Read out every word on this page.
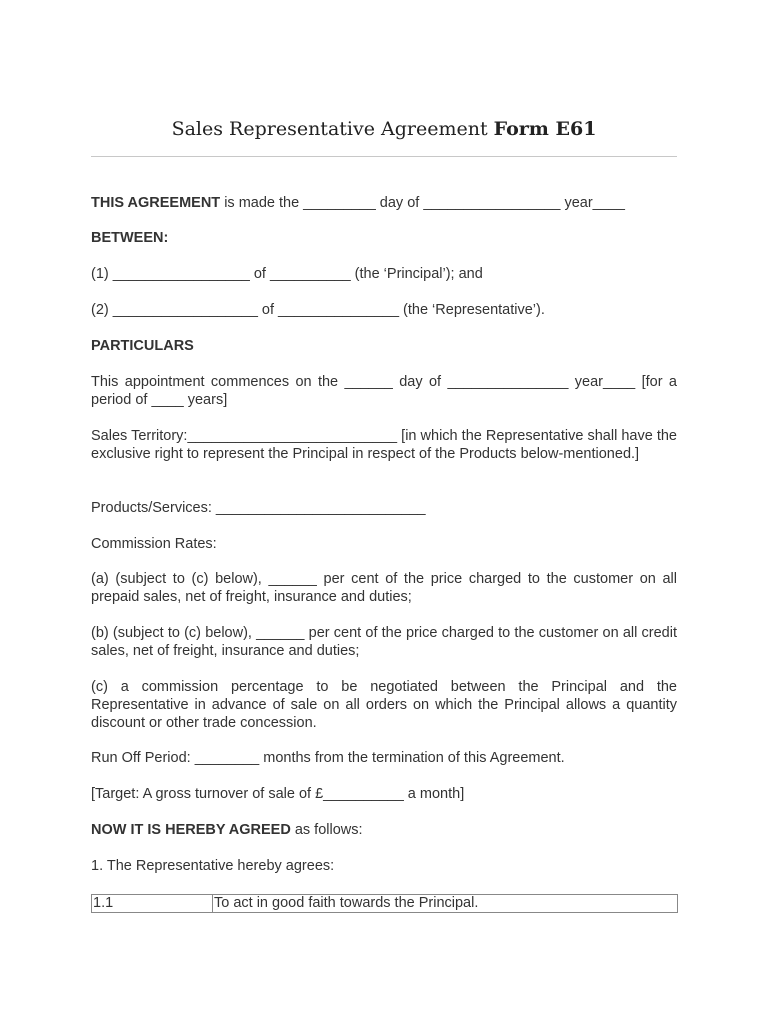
Sales Representative Agreement Form E61

THIS AGREEMENT is made the _________ day of _________________ year____

BETWEEN:

(1) _________________ of __________ (the ‘Principal’); and

(2) __________________ of _______________ (the ‘Representative’).

PARTICULARS

This appointment commences on the ______ day of _______________ year____ [for a period of ____ years]

Sales Territory:__________________________ [in which the Representative shall have the exclusive right to represent the Principal in respect of the Products below-mentioned.]

Products/Services: __________________________

Commission Rates:

(a) (subject to (c) below), ______ per cent of the price charged to the customer on all prepaid sales, net of freight, insurance and duties;

(b) (subject to (c) below), ______ per cent of the price charged to the customer on all credit sales, net of freight, insurance and duties;

(c) a commission percentage to be negotiated between the Principal and the Representative in advance of sale on all orders on which the Principal allows a quantity discount or other trade concession.

Run Off Period: ________ months from the termination of this Agreement.

[Target: A gross turnover of sale of £__________ a month]

NOW IT IS HEREBY AGREED as follows:

1. The Representative hereby agrees:

1.1	To act in good faith towards the Principal.
